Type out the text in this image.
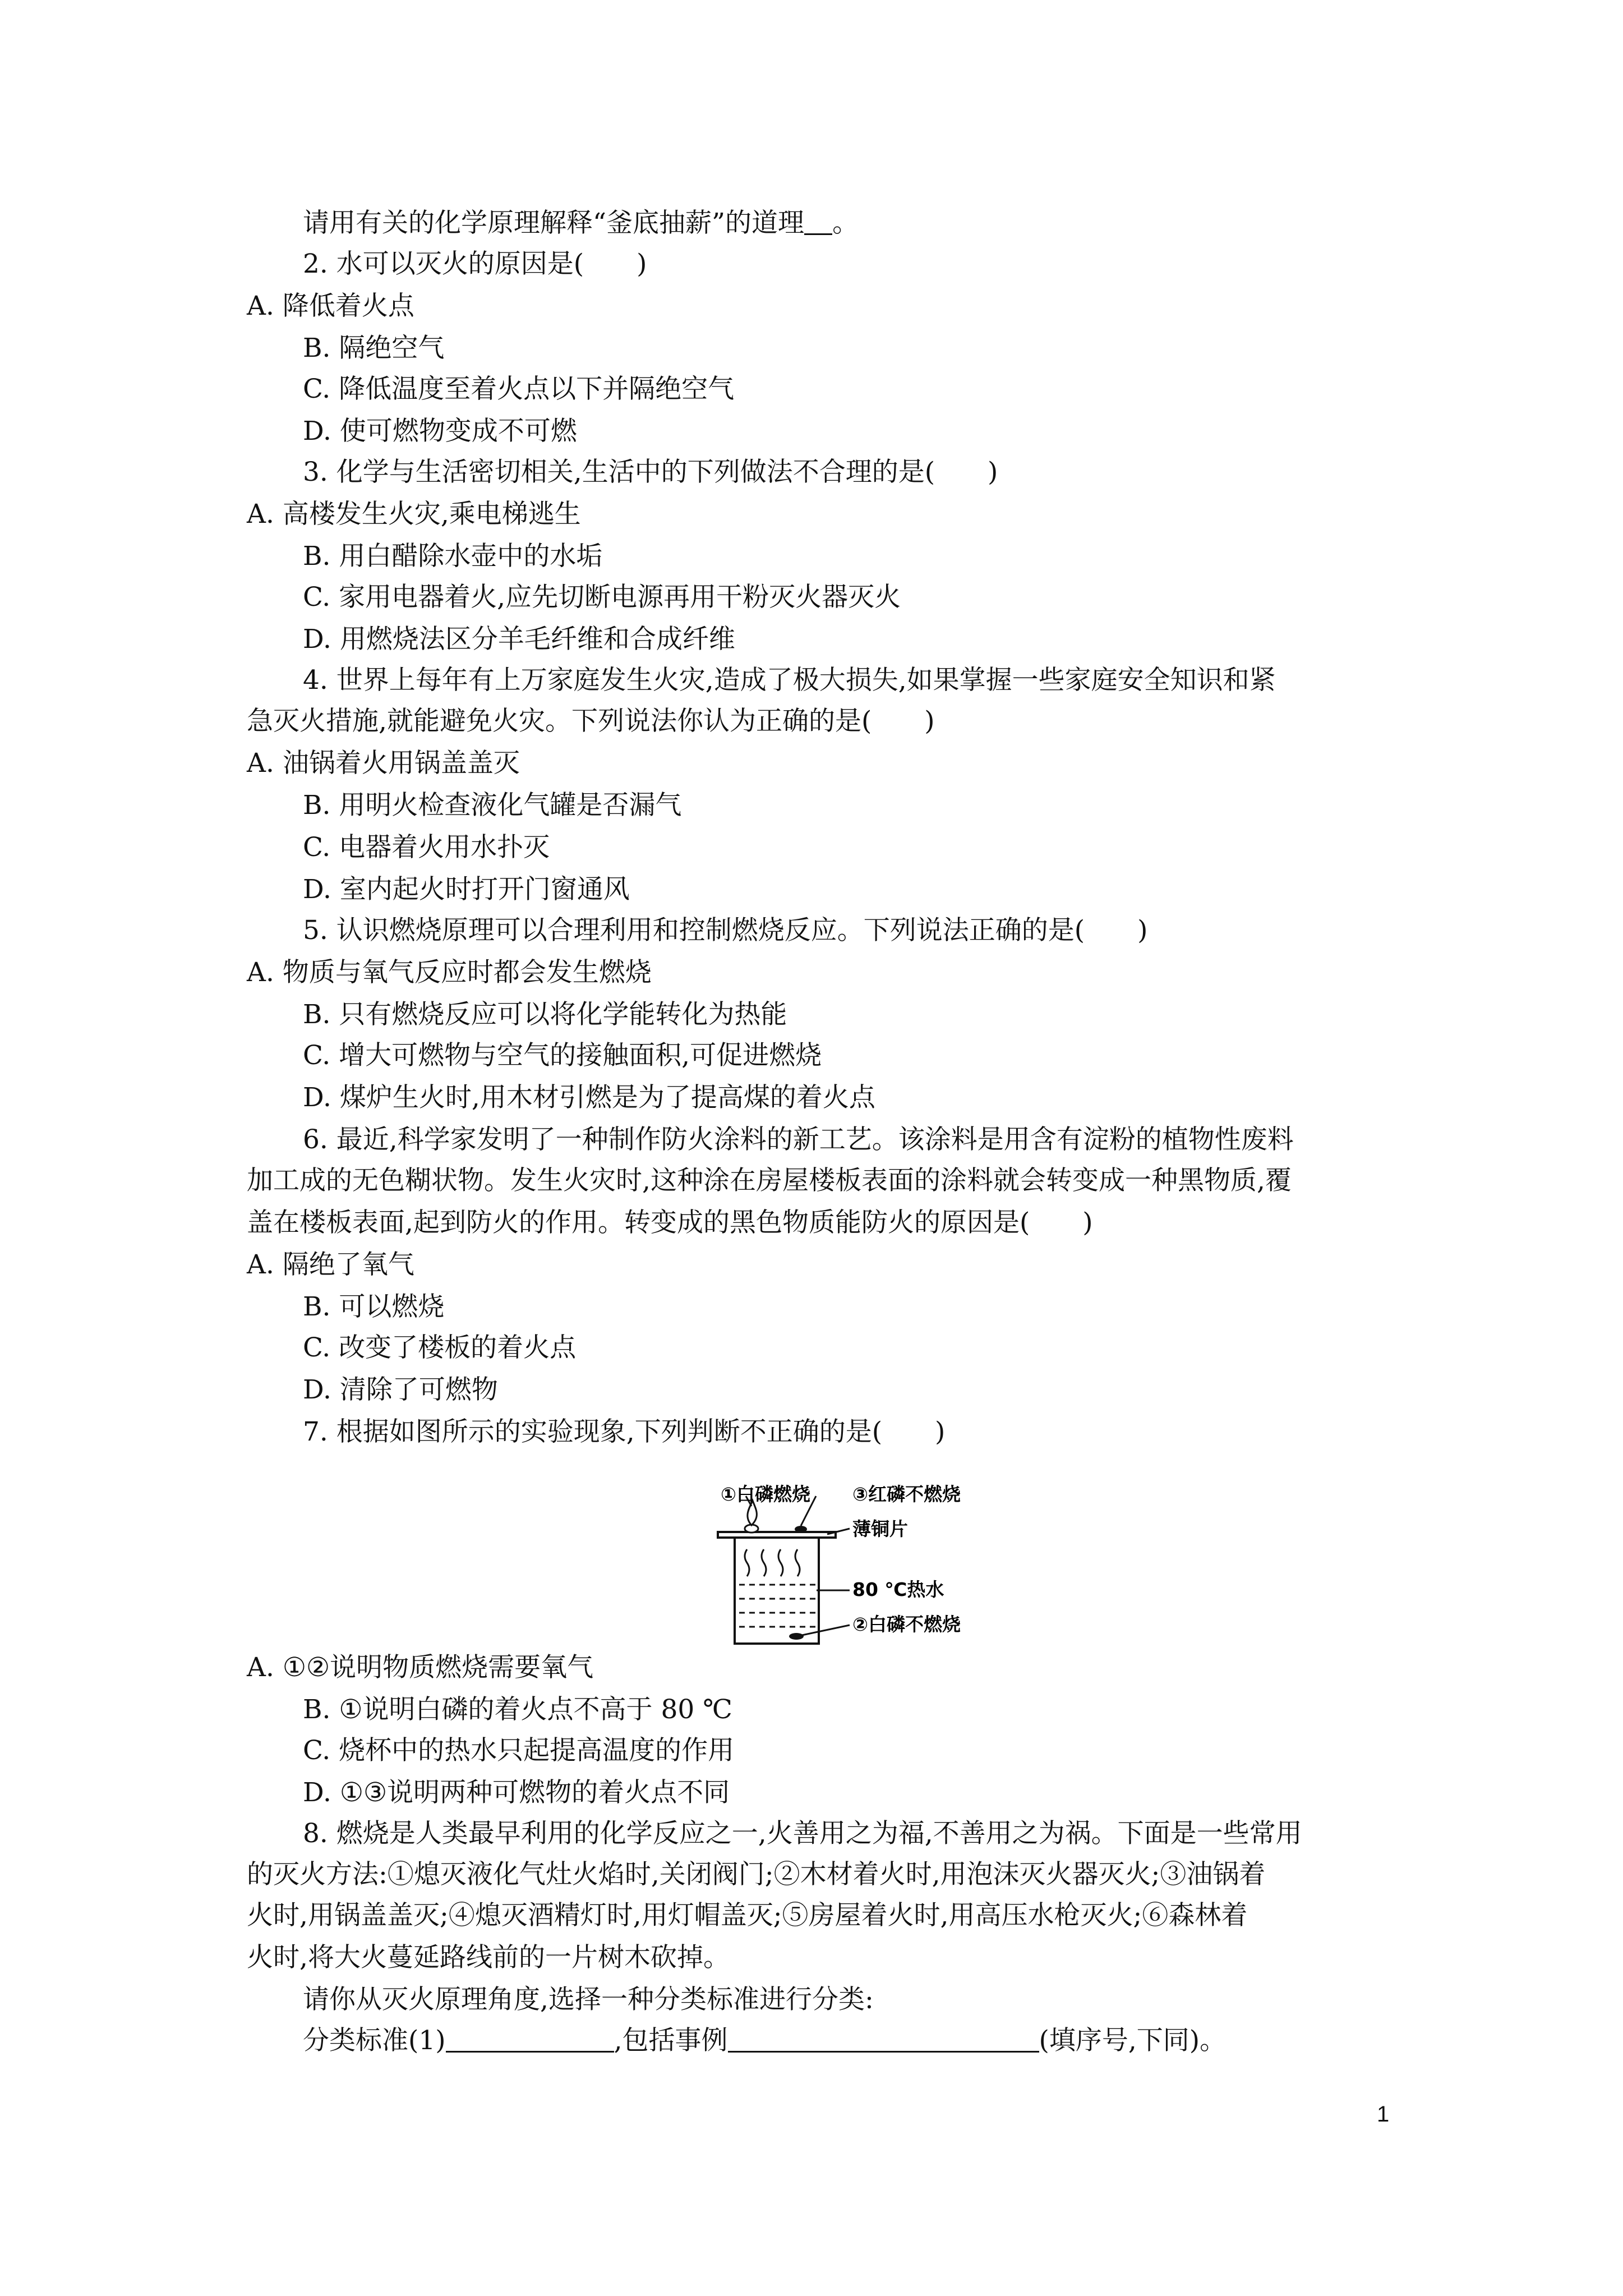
请用有关的化学原理解释“釜底抽薪”的道理 。
2. 水可以灭火的原因是(　　)
A. 降低着火点
B. 隔绝空气
C. 降低温度至着火点以下并隔绝空气
D. 使可燃物变成不可燃
3. 化学与生活密切相关,生活中的下列做法不合理的是(　　)
A. 高楼发生火灾,乘电梯逃生
B. 用白醋除水壶中的水垢
C. 家用电器着火,应先切断电源再用干粉灭火器灭火
D. 用燃烧法区分羊毛纤维和合成纤维
4. 世界上每年有上万家庭发生火灾,造成了极大损失,如果掌握一些家庭安全知识和紧
急灭火措施,就能避免火灾。下列说法你认为正确的是(　　)
A. 油锅着火用锅盖盖灭
B. 用明火检查液化气罐是否漏气
C. 电器着火用水扑灭
D. 室内起火时打开门窗通风
5. 认识燃烧原理可以合理利用和控制燃烧反应。下列说法正确的是(　　)
A. 物质与氧气反应时都会发生燃烧
B. 只有燃烧反应可以将化学能转化为热能
C. 增大可燃物与空气的接触面积,可促进燃烧
D. 煤炉生火时,用木材引燃是为了提高煤的着火点
6. 最近,科学家发明了一种制作防火涂料的新工艺。该涂料是用含有淀粉的植物性废料
加工成的无色糊状物。发生火灾时,这种涂在房屋楼板表面的涂料就会转变成一种黑物质,覆
盖在楼板表面,起到防火的作用。转变成的黑色物质能防火的原因是(　　)
A. 隔绝了氧气
B. 可以燃烧
C. 改变了楼板的着火点
D. 清除了可燃物
7. 根据如图所示的实验现象,下列判断不正确的是(　　)
①白磷燃烧 ③红磷不燃烧
薄铜片
80 ℃热水
②白磷不燃烧
A. ①②说明物质燃烧需要氧气
B. ①说明白磷的着火点不高于 80 ℃
C. 烧杯中的热水只起提高温度的作用
D. ①③说明两种可燃物的着火点不同
8. 燃烧是人类最早利用的化学反应之一,火善用之为福,不善用之为祸。下面是一些常用
的灭火方法:①熄灭液化气灶火焰时,关闭阀门;②木材着火时,用泡沫灭火器灭火;③油锅着
火时,用锅盖盖灭;④熄灭酒精灯时,用灯帽盖灭;⑤房屋着火时,用高压水枪灭火;⑥森林着
火时,将大火蔓延路线前的一片树木砍掉。
请你从灭火原理角度,选择一种分类标准进行分类:
分类标准(1)	,包括事例	(填序号,下同)。
1
